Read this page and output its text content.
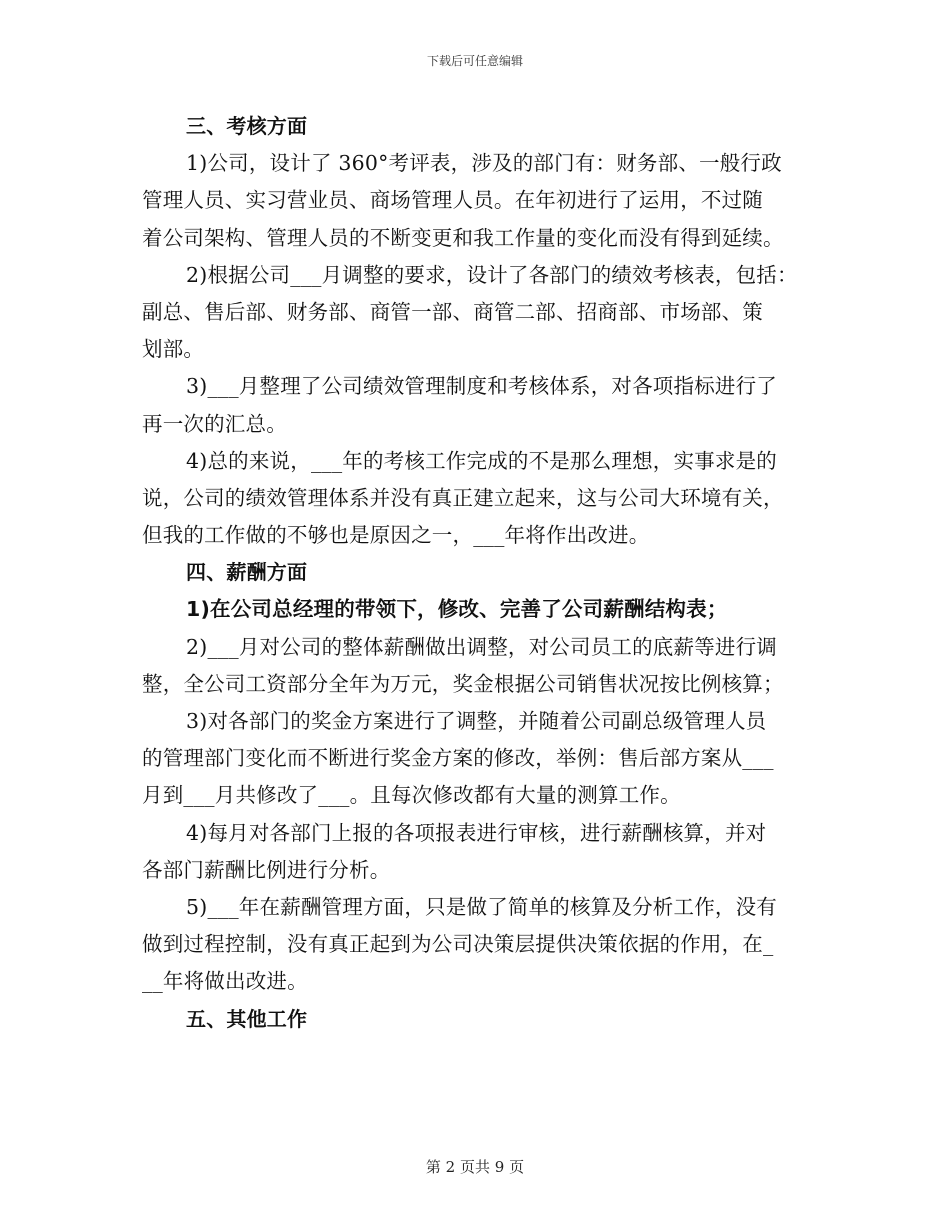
下载后可任意编辑
三、考核方面
1)公司，设计了 360°考评表，涉及的部门有：财务部、一般行政
管理人员、实习营业员、商场管理人员。在年初进行了运用，不过随
着公司架构、管理人员的不断变更和我工作量的变化而没有得到延续。
2)根据公司___月调整的要求，设计了各部门的绩效考核表，包括：
副总、售后部、财务部、商管一部、商管二部、招商部、市场部、策
划部。
3)___月整理了公司绩效管理制度和考核体系，对各项指标进行了
再一次的汇总。
4)总的来说，___年的考核工作完成的不是那么理想，实事求是的
说，公司的绩效管理体系并没有真正建立起来，这与公司大环境有关，
但我的工作做的不够也是原因之一，___年将作出改进。
四、薪酬方面
1)在公司总经理的带领下，修改、完善了公司薪酬结构表；
2)___月对公司的整体薪酬做出调整，对公司员工的底薪等进行调
整，全公司工资部分全年为万元，奖金根据公司销售状况按比例核算；
3)对各部门的奖金方案进行了调整，并随着公司副总级管理人员
的管理部门变化而不断进行奖金方案的修改，举例：售后部方案从___
月到___月共修改了___。且每次修改都有大量的测算工作。
4)每月对各部门上报的各项报表进行审核，进行薪酬核算，并对
各部门薪酬比例进行分析。
5)___年在薪酬管理方面，只是做了简单的核算及分析工作，没有
做到过程控制，没有真正起到为公司决策层提供决策依据的作用，在_
__年将做出改进。
五、其他工作
第 2 页共 9 页
